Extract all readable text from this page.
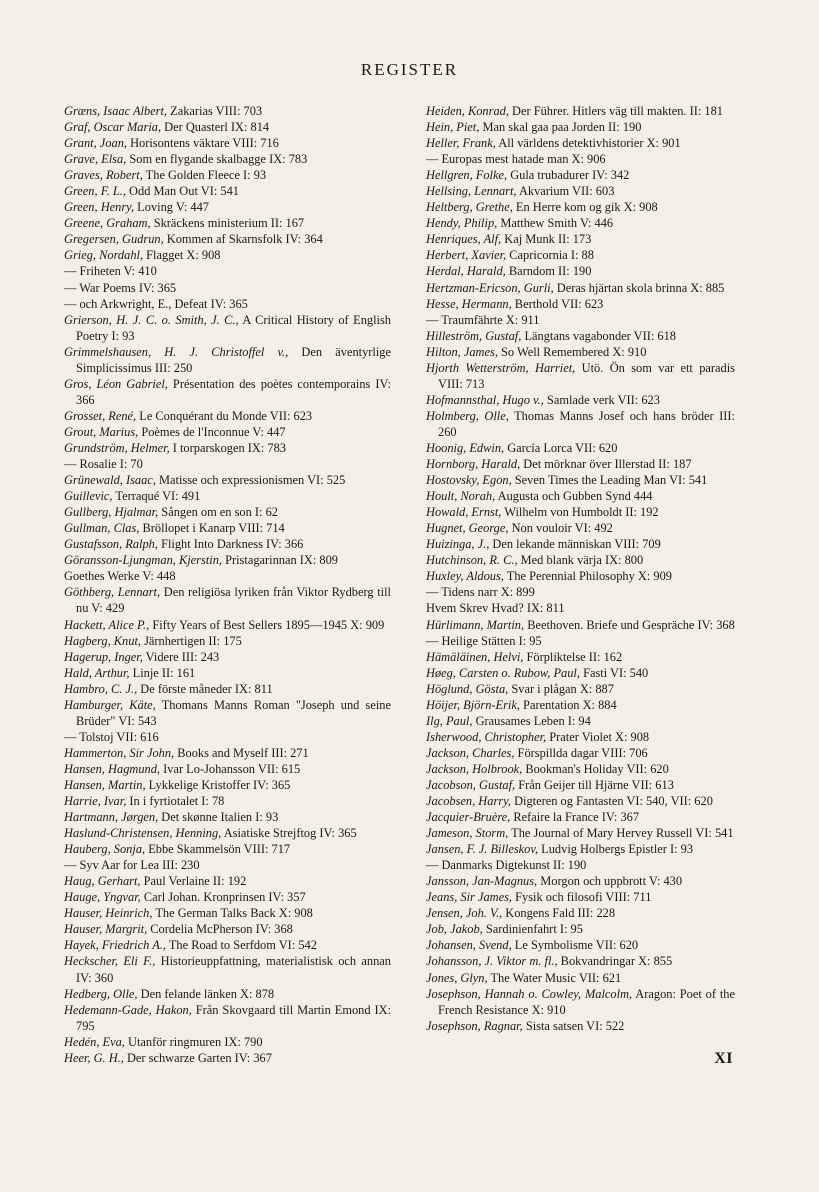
REGISTER
Græns, Isaac Albert, Zakarias VIII: 703
Graf, Oscar Maria, Der Quasterl IX: 814
Grant, Joan, Horisontens väktare VIII: 716
Grave, Elsa, Som en flygande skalbagge IX: 783
Graves, Robert, The Golden Fleece I: 93
Green, F. L., Odd Man Out VI: 541
Green, Henry, Loving V: 447
Greene, Graham, Skräckens ministerium II: 167
Gregersen, Gudrun, Kommen af Skarnsfolk IV: 364
Grieg, Nordahl, Flagget X: 908
— Friheten V: 410
— War Poems IV: 365
— och Arkwright, E., Defeat IV: 365
Grierson, H. J. C. o. Smith, J. C., A Critical History of English Poetry I: 93
Grimmelshausen, H. J. Christoffel v., Den äventyrlige Simplicissimus III: 250
Gros, Léon Gabriel, Présentation des poètes contemporains IV: 366
Grosset, René, Le Conquérant du Monde VII: 623
Grout, Marius, Poèmes de l'Inconnue V: 447
Grundström, Helmer, I torparskogen IX: 783
— Rosalie I: 70
Grünewald, Isaac, Matisse och expressionismen VI: 525
Guillevic, Terraqué VI: 491
Gullberg, Hjalmar, Sången om en son I: 62
Gullman, Clas, Bröllopet i Kanarp VIII: 714
Gustafsson, Ralph, Flight Into Darkness IV: 366
Göransson-Ljungman, Kjerstin, Pristagarinnan IX: 809
Goethes Werke V: 448
Göthberg, Lennart, Den religiösa lyriken från Viktor Rydberg till nu V: 429
Hackett, Alice P., Fifty Years of Best Sellers 1895—1945 X: 909
Hagberg, Knut, Järnhertigen II: 175
Hagerup, Inger, Videre III: 243
Hald, Arthur, Linje II: 161
Hambro, C. J., De förste måneder IX: 811
Hamburger, Käte, Thomans Manns Roman "Joseph und seine Brüder" VI: 543
— Tolstoj VII: 616
Hammerton, Sir John, Books and Myself III: 271
Hansen, Hagmund, Ivar Lo-Johansson VII: 615
Hansen, Martin, Lykkelige Kristoffer IV: 365
Harrie, Ivar, In i fyrtiotalet I: 78
Hartmann, Jørgen, Det skønne Italien I: 93
Haslund-Christensen, Henning, Asiatiske Strejftog IV: 365
Hauberg, Sonja, Ebbe Skammelsön VIII: 717
— Syv Aar for Lea III: 230
Haug, Gerhart, Paul Verlaine II: 192
Hauge, Yngvar, Carl Johan. Kronprinsen IV: 357
Hauser, Heinrich, The German Talks Back X: 908
Hauser, Margrit, Cordelia McPherson IV: 368
Hayek, Friedrich A., The Road to Serfdom VI: 542
Heckscher, Eli F., Historieuppfattning, materialistisk och annan IV: 360
Hedberg, Olle, Den felande länken X: 878
Hedemann-Gade, Hakon, Från Skovgaard till Martin Emond IX: 795
Hedén, Eva, Utanför ringmuren IX: 790
Heer, G. H., Der schwarze Garten IV: 367
Heiden, Konrad, Der Führer. Hitlers väg till makten. II: 181
Hein, Piet, Man skal gaa paa Jorden II: 190
Heller, Frank, All världens detektivhistorier X: 901
— Europas mest hatade man X: 906
Hellgren, Folke, Gula trubadurer IV: 342
Hellsing, Lennart, Akvarium VII: 603
Heltberg, Grethe, En Herre kom og gik X: 908
Hendy, Philip, Matthew Smith V: 446
Henriques, Alf, Kaj Munk II: 173
Herbert, Xavier, Capricornia I: 88
Herdal, Harald, Barndom II: 190
Hertzman-Ericson, Gurli, Deras hjärtan skola brinna X: 885
Hesse, Hermann, Berthold VII: 623
— Traumfährte X: 911
Hilleström, Gustaf, Längtans vagabonder VII: 618
Hilton, James, So Well Remembered X: 910
Hjorth Wetterström, Harriet, Utö. Ön som var ett paradis VIII: 713
Hofmannsthal, Hugo v., Samlade verk VII: 623
Holmberg, Olle, Thomas Manns Josef och hans bröder III: 260
Hoonig, Edwin, García Lorca VII: 620
Hornborg, Harald, Det mörknar över Illerstad II: 187
Hostovsky, Egon, Seven Times the Leading Man VI: 541
Hoult, Norah, Augusta och Gubben Synd 444
Howald, Ernst, Wilhelm von Humboldt II: 192
Hugnet, George, Non vouloir VI: 492
Huizinga, J., Den lekande människan VIII: 709
Hutchinson, R. C., Med blank värja IX: 800
Huxley, Aldous, The Perennial Philosophy X: 909
— Tidens narr X: 899
Hvem Skrev Hvad? IX: 811
Hürlimann, Martin, Beethoven. Briefe und Gespräche IV: 368
— Heilige Stätten I: 95
Hämäläinen, Helvi, Förpliktelse II: 162
Høeg, Carsten o. Rubow, Paul, Fasti VI: 540
Höglund, Gösta, Svar i plågan X: 887
Höijer, Björn-Erik, Parentation X: 884
Ilg, Paul, Grausames Leben I: 94
Isherwood, Christopher, Prater Violet X: 908
Jackson, Charles, Förspillda dagar VIII: 706
Jackson, Holbrook, Bookman's Holiday VII: 620
Jacobson, Gustaf, Från Geijer till Hjärne VII: 613
Jacobsen, Harry, Digteren og Fantasten VI: 540, VII: 620
Jacquier-Bruère, Refaire la France IV: 367
Jameson, Storm, The Journal of Mary Hervey Russell VI: 541
Jansen, F. J. Billeskov, Ludvig Holbergs Epistler I: 93
— Danmarks Digtekunst II: 190
Jansson, Jan-Magnus, Morgon och uppbrott V: 430
Jeans, Sir James, Fysik och filosofi VIII: 711
Jensen, Joh. V., Kongens Fald III: 228
Job, Jakob, Sardinienfahrt I: 95
Johansen, Svend, Le Symbolisme VII: 620
Johansson, J. Viktor m. fl., Bokvandringar X: 855
Jones, Glyn, The Water Music VII: 621
Josephson, Hannah o. Cowley, Malcolm, Aragon: Poet of the French Resistance X: 910
Josephson, Ragnar, Sista satsen VI: 522
XI
